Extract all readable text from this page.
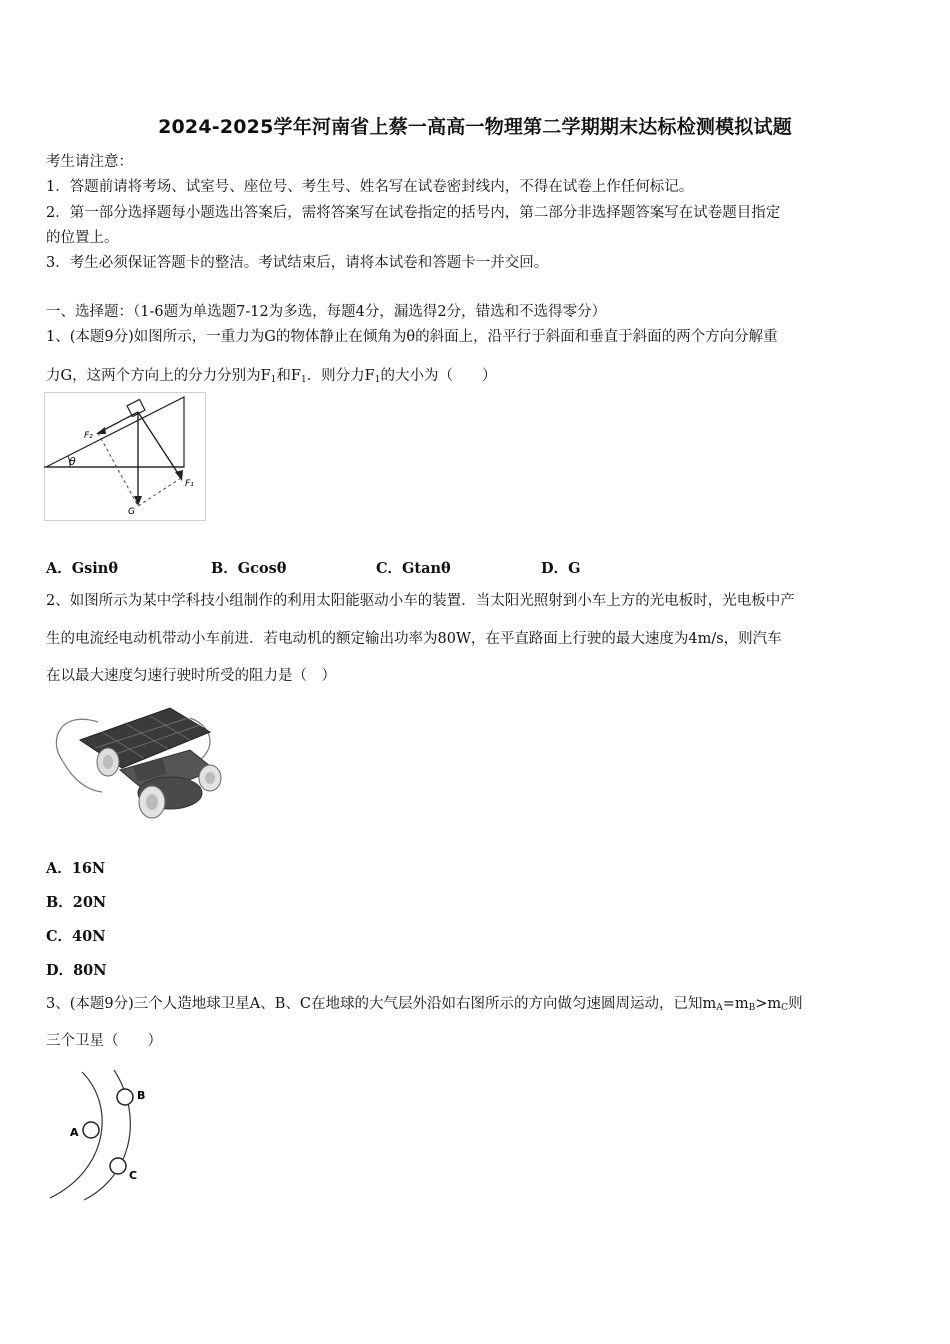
2024-2025学年河南省上蔡一高高一物理第二学期期末达标检测模拟试题
考生请注意：
1．答题前请将考场、试室号、座位号、考生号、姓名写在试卷密封线内，不得在试卷上作任何标记。
2．第一部分选择题每小题选出答案后，需将答案写在试卷指定的括号内，第二部分非选择题答案写在试卷题目指定
的位置上。
3．考生必须保证答题卡的整洁。考试结束后，请将本试卷和答题卡一并交回。
一、选择题：（1-6题为单选题7-12为多选，每题4分，漏选得2分，错选和不选得零分）
1、(本题9分)如图所示，一重力为G的物体静止在倾角为θ的斜面上，沿平行于斜面和垂直于斜面的两个方向分解重
力G，这两个方向上的分力分别为$F_1$和$F_1$．则分力$F_1$的大小为（　　）
θ
F₂
F₁
G
A．Gsinθ	B．Gcosθ	C．Gtanθ	D．G
2、如图所示为某中学科技小组制作的利用太阳能驱动小车的装置．当太阳光照射到小车上方的光电板时，光电板中产
生的电流经电动机带动小车前进．若电动机的额定输出功率为80W，在平直路面上行驶的最大速度为4m/s，则汽车
在以最大速度匀速行驶时所受的阻力是（　）
A．16N
B．20N
C．40N
D．80N
3、(本题9分)三个人造地球卫星A、B、C在地球的大气层外沿如右图所示的方向做匀速圆周运动，已知$m_A=m_B>m_C$则
三个卫星（　　）
A
B
C
